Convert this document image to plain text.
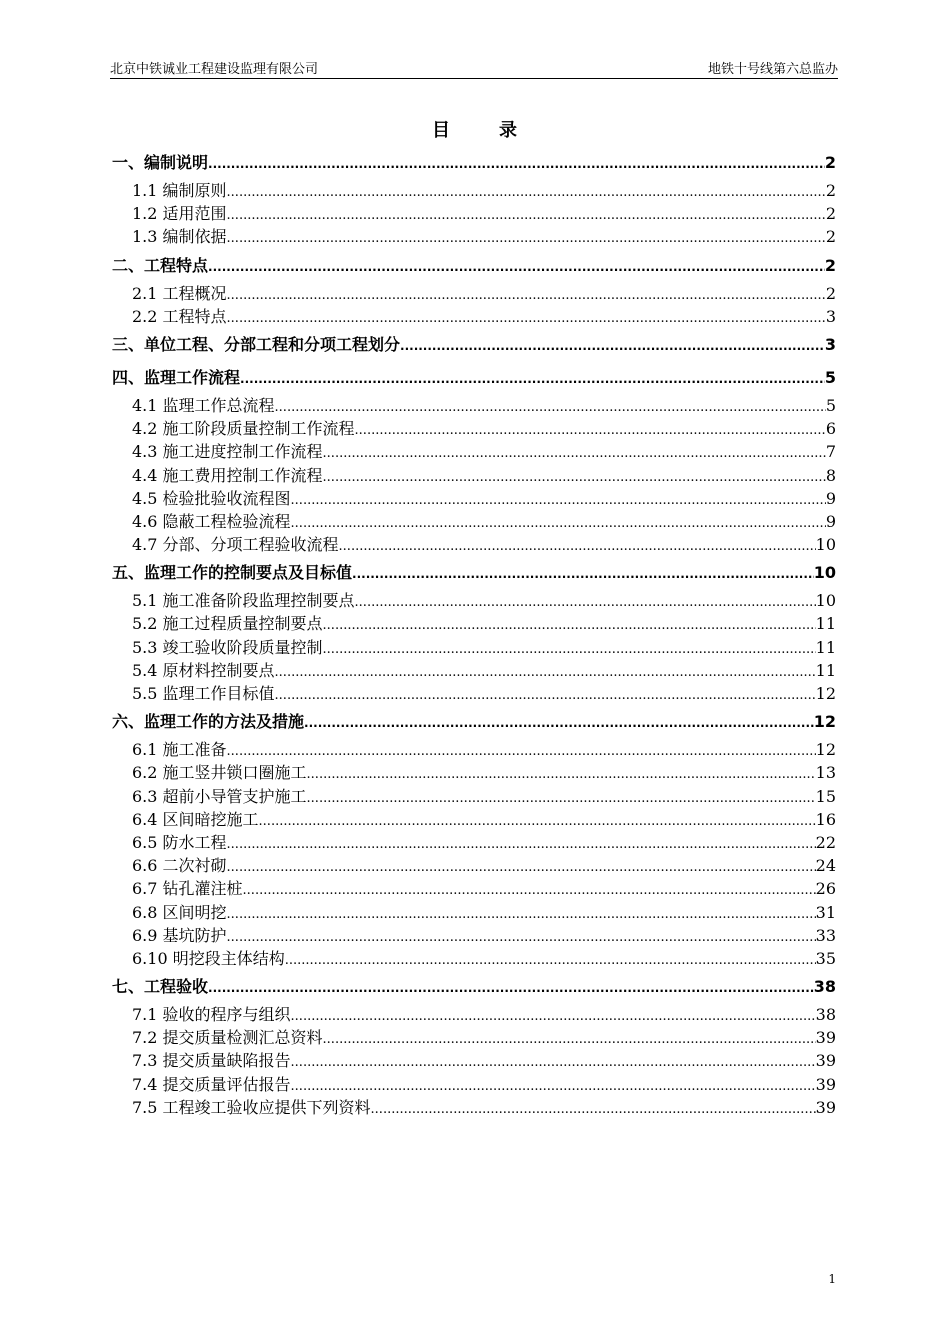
北京中铁诚业工程建设监理有限公司	地铁十号线第六总监办
目	录
一、编制说明 .....	2
1.1 编制原则 .....	2
1.2 适用范围 .....	2
1.3 编制依据 .....	2
二、工程特点 .....	2
2.1 工程概况 .....	2
2.2 工程特点 .....	3
三、单位工程、分部工程和分项工程划分 .....	3
四、监理工作流程 .....	5
4.1 监理工作总流程 .....	5
4.2 施工阶段质量控制工作流程 .....	6
4.3 施工进度控制工作流程 .....	7
4.4 施工费用控制工作流程 .....	8
4.5 检验批验收流程图 .....	9
4.6 隐蔽工程检验流程 .....	9
4.7 分部、分项工程验收流程 .....	10
五、监理工作的控制要点及目标值 .....	10
5.1 施工准备阶段监理控制要点 .....	10
5.2 施工过程质量控制要点 .....	11
5.3 竣工验收阶段质量控制 .....	11
5.4 原材料控制要点 .....	11
5.5 监理工作目标值 .....	12
六、监理工作的方法及措施 .....	12
6.1 施工准备 .....	12
6.2 施工竖井锁口圈施工 .....	13
6.3 超前小导管支护施工 .....	15
6.4 区间暗挖施工 .....	16
6.5 防水工程 .....	22
6.6 二次衬砌 .....	24
6.7 钻孔灌注桩 .....	26
6.8 区间明挖 .....	31
6.9 基坑防护 .....	33
6.10 明挖段主体结构 .....	35
七、工程验收 .....	38
7.1 验收的程序与组织 .....	38
7.2 提交质量检测汇总资料 .....	39
7.3 提交质量缺陷报告 .....	39
7.4 提交质量评估报告 .....	39
7.5 工程竣工验收应提供下列资料 .....	39
1
